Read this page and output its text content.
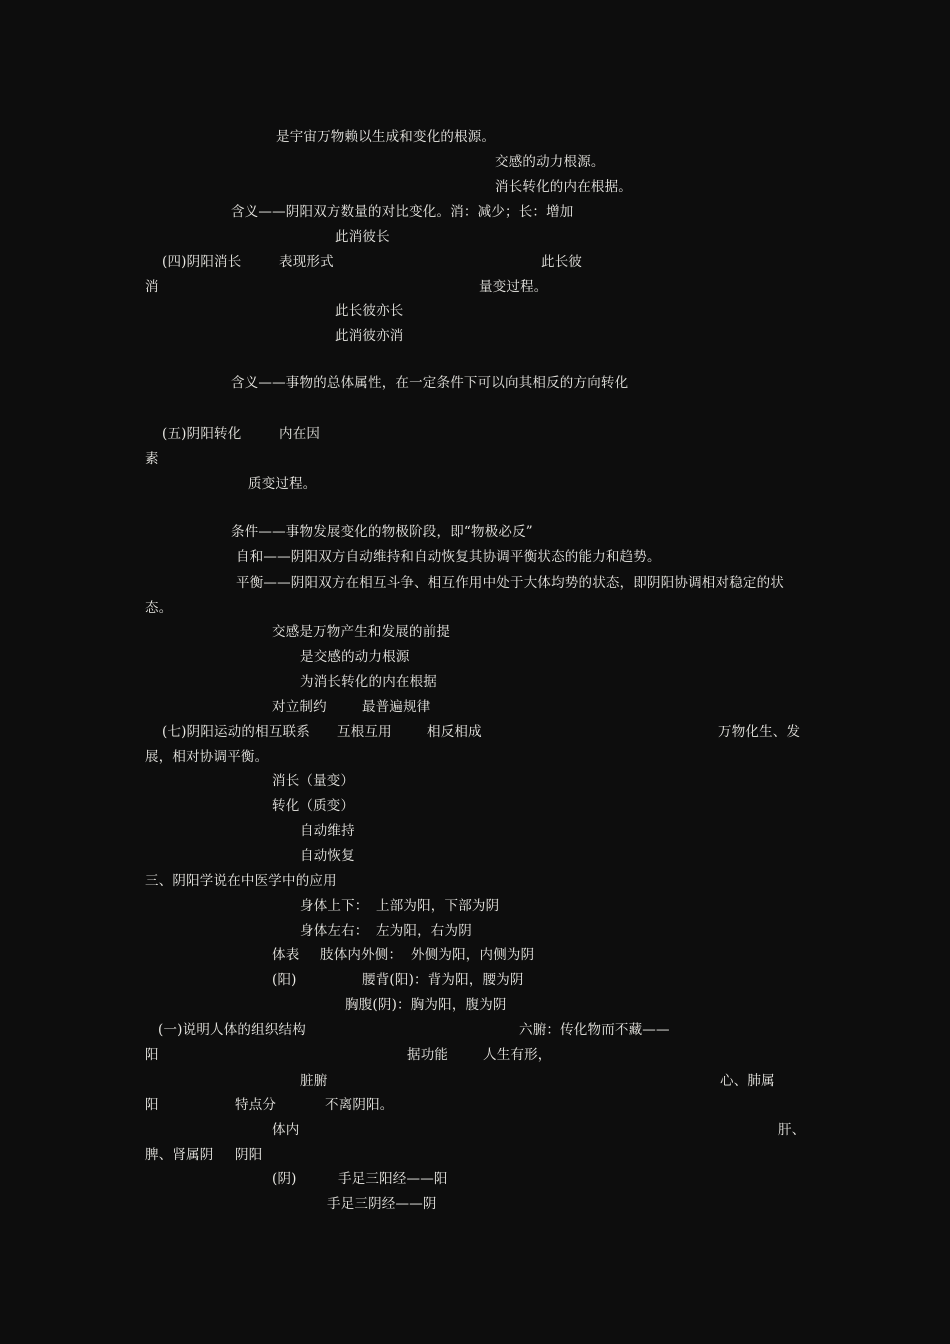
是宇宙万物赖以生成和变化的根源。
交感的动力根源。
消长转化的内在根据。
含义——阴阳双方数量的对比变化。消：减少；长：增加
此消彼长
(四)阴阳消长	表现形式	此长彼
消	量变过程。
此长彼亦长
此消彼亦消
含义——事物的总体属性，在一定条件下可以向其相反的方向转化
(五)阴阳转化	内在因
素
质变过程。
条件——事物发展变化的物极阶段，即“物极必反”
自和——阴阳双方自动维持和自动恢复其协调平衡状态的能力和趋势。
平衡——阴阳双方在相互斗争、相互作用中处于大体均势的状态，即阴阳协调相对稳定的状
态。
交感是万物产生和发展的前提
是交感的动力根源
为消长转化的内在根据
对立制约	最普遍规律
(七)阴阳运动的相互联系 互根互用	相反相成	万物化生、发
展，相对协调平衡。
消长（量变）
转化（质变）
自动维持
自动恢复
三、阴阳学说在中医学中的应用
身体上下： 上部为阳，下部为阴
身体左右： 左为阳，右为阴
体表 肢体内外侧： 外侧为阳，内侧为阴
(阳)	腰背(阳)：背为阳，腰为阴
胸腹(阴)：胸为阳，腹为阴
(一)说明人体的组织结构	六腑：传化物而不藏——
阳	据功能	人生有形，
脏腑	心、肺属
阳	特点分	不离阴阳。
体内	肝、
脾、肾属阴 阴阳
(阴)	手足三阳经——阳
手足三阴经——阴
